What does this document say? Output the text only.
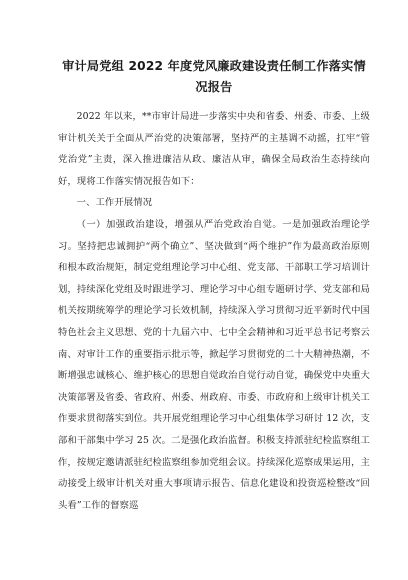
审计局党组 2022 年度党风廉政建设责任制工作落实情
况报告

2022 年以来，**市审计局进一步落实中央和省委、州委、市委、上级审计机关关于全面从严治党的决策部署，坚持严的主基调不动摇，扛牢“管党治党”主责，深入推进廉洁从政、廉洁从审，确保全局政治生态持续向好，现将工作落实情况报告如下：

一、工作开展情况

（一）加强政治建设，增强从严治党政治自觉。一是加强政治理论学习。坚持把忠诚拥护“两个确立”、坚决做到“两个维护”作为最高政治原则和根本政治规矩，制定党组理论学习中心组、党支部、干部职工学习培训计划，持续深化党组及时跟进学习、理论学习中心组专题研讨学、党支部和局机关按期统筹学的理论学习长效机制，持续深入学习贯彻习近平新时代中国特色社会主义思想、党的十九届六中、七中全会精神和习近平总书记考察云南、对审计工作的重要指示批示等，掀起学习贯彻党的二十大精神热潮，不断增强忠诚核心、维护核心的思想自觉政治自觉行动自觉，确保党中央重大决策部署及省委、省政府、州委、州政府、市委、市政府和上级审计机关工作要求贯彻落实到位。共开展党组理论学习中心组集体学习研讨 12 次，支部和干部集中学习 25 次。二是强化政治监督。积极支持派驻纪检监察组工作，按规定邀请派驻纪检监察组参加党组会议。持续深化巡察成果运用，主动接受上级审计机关对重大事项请示报告、信息化建设和投资巡检整改“回头看”工作的督察巡
